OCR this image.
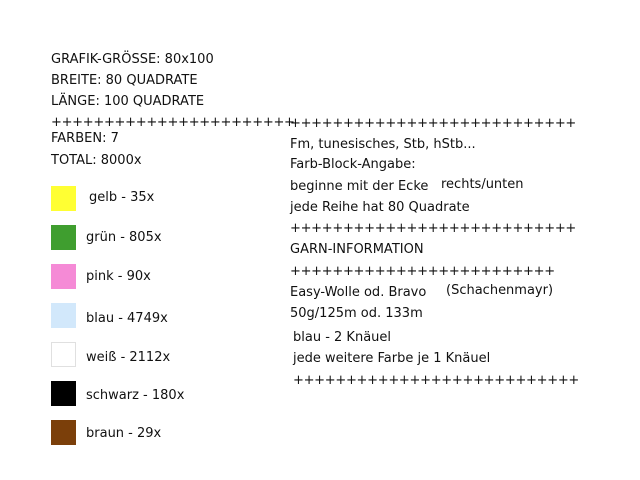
GRAFIK-GRÖSSE: 80x100
BREITE: 80 QUADRATE
LÄNGE: 100 QUADRATE
+++++++++++++++++++++++
FARBEN: 7
TOTAL: 8000x
gelb - 35x
grün - 805x
pink - 90x
blau - 4749x
weiß - 2112x
schwarz - 180x
braun - 29x
+++++++++++++++++++++++++++
Fm, tunesisches, Stb, hStb...
Farb-Block-Angabe:
beginne mit der Ecke rechts/unten
jede Reihe hat 80 Quadrate
+++++++++++++++++++++++++++
GARN-INFORMATION
+++++++++++++++++++++++++
Easy-Wolle od. Bravo (Schachenmayr)
50g/125m od. 133m
blau - 2 Knäuel
jede weitere Farbe je 1 Knäuel
+++++++++++++++++++++++++++
